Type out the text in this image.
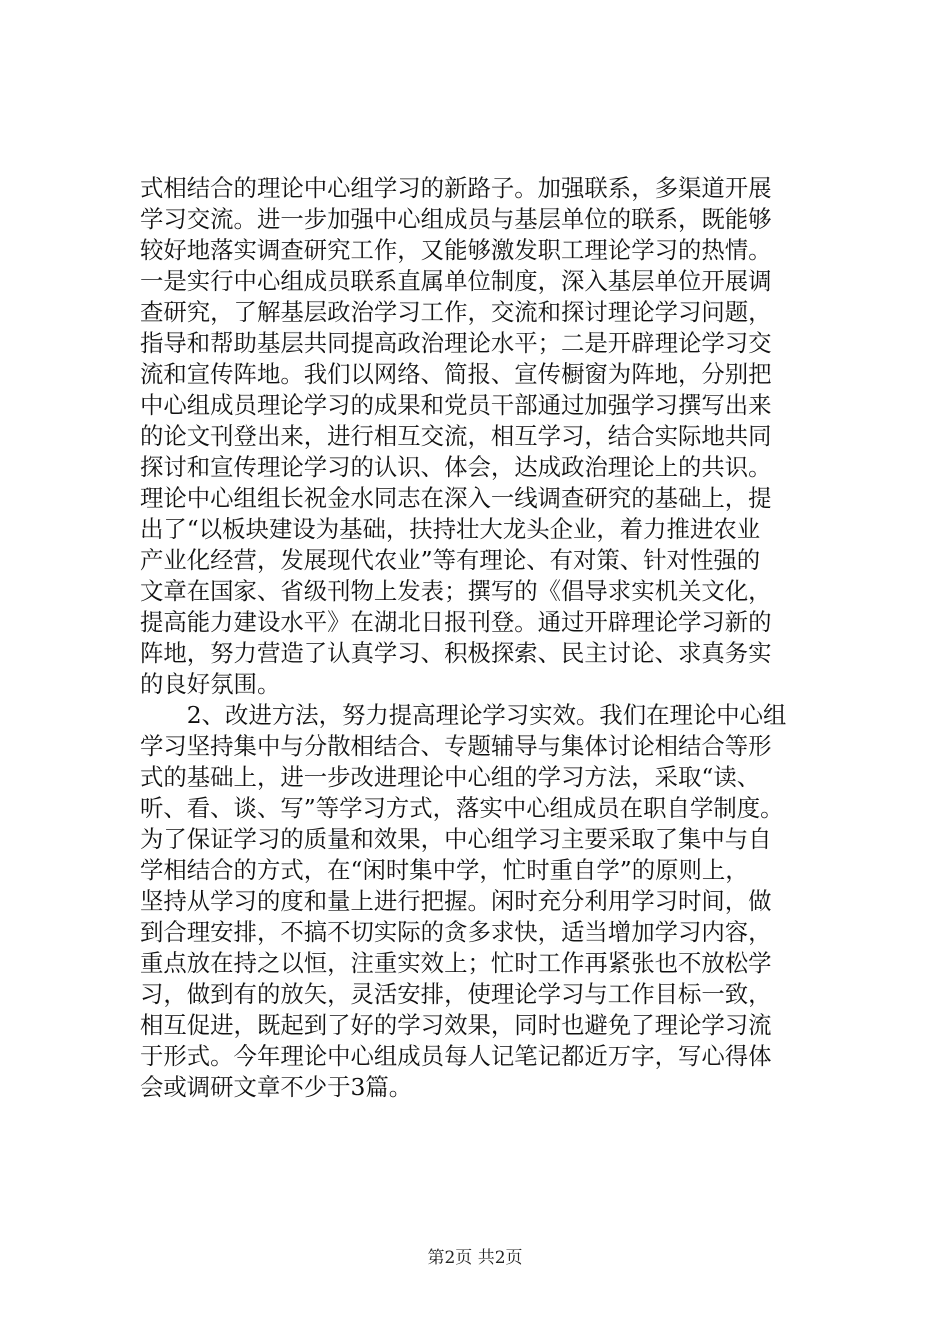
式相结合的理论中心组学习的新路子。加强联系，多渠道开展
学习交流。进一步加强中心组成员与基层单位的联系，既能够
较好地落实调查研究工作，又能够激发职工理论学习的热情。
一是实行中心组成员联系直属单位制度，深入基层单位开展调
查研究，了解基层政治学习工作，交流和探讨理论学习问题，
指导和帮助基层共同提高政治理论水平；二是开辟理论学习交
流和宣传阵地。我们以网络、简报、宣传橱窗为阵地，分别把
中心组成员理论学习的成果和党员干部通过加强学习撰写出来
的论文刊登出来，进行相互交流，相互学习，结合实际地共同
探讨和宣传理论学习的认识、体会，达成政治理论上的共识。
理论中心组组长祝金水同志在深入一线调查研究的基础上，提
出了“以板块建设为基础，扶持壮大龙头企业，着力推进农业
产业化经营，发展现代农业”等有理论、有对策、针对性强的
文章在国家、省级刊物上发表；撰写的《倡导求实机关文化，
提高能力建设水平》在湖北日报刊登。通过开辟理论学习新的
阵地，努力营造了认真学习、积极探索、民主讨论、求真务实
的良好氛围。
　　2、改进方法，努力提高理论学习实效。我们在理论中心组
学习坚持集中与分散相结合、专题辅导与集体讨论相结合等形
式的基础上，进一步改进理论中心组的学习方法，采取“读、
听、看、谈、写”等学习方式，落实中心组成员在职自学制度。
为了保证学习的质量和效果，中心组学习主要采取了集中与自
学相结合的方式，在“闲时集中学，忙时重自学”的原则上，
坚持从学习的度和量上进行把握。闲时充分利用学习时间，做
到合理安排，不搞不切实际的贪多求快，适当增加学习内容，
重点放在持之以恒，注重实效上；忙时工作再紧张也不放松学
习，做到有的放矢，灵活安排，使理论学习与工作目标一致，
相互促进，既起到了好的学习效果，同时也避免了理论学习流
于形式。今年理论中心组成员每人记笔记都近万字，写心得体
会或调研文章不少于3篇。
第2页 共2页
